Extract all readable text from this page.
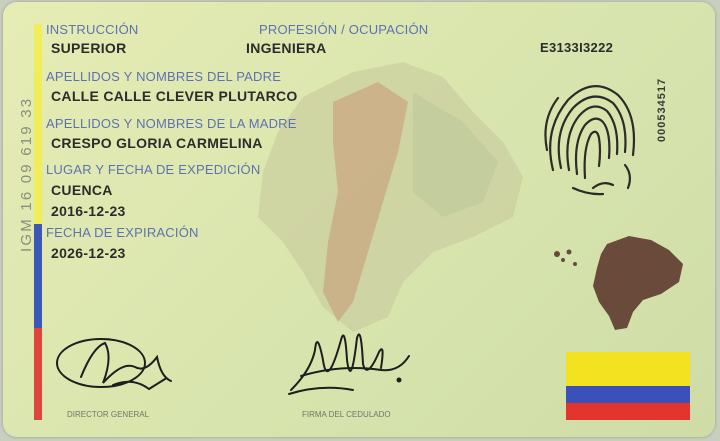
IGM 16 09 619 33
INSTRUCCIÓN
SUPERIOR
PROFESIÓN / OCUPACIÓN
INGENIERA	E3133I3222
APELLIDOS Y NOMBRES DEL PADRE
CALLE CALLE CLEVER PLUTARCO
APELLIDOS Y NOMBRES DE LA MADRE
CRESPO GLORIA CARMELINA
LUGAR Y FECHA DE EXPEDICIÓN
CUENCA
2016-12-23
FECHA DE EXPIRACIÓN
2026-12-23
000534517
DIRECTOR GENERAL	FIRMA DEL CEDULADO
